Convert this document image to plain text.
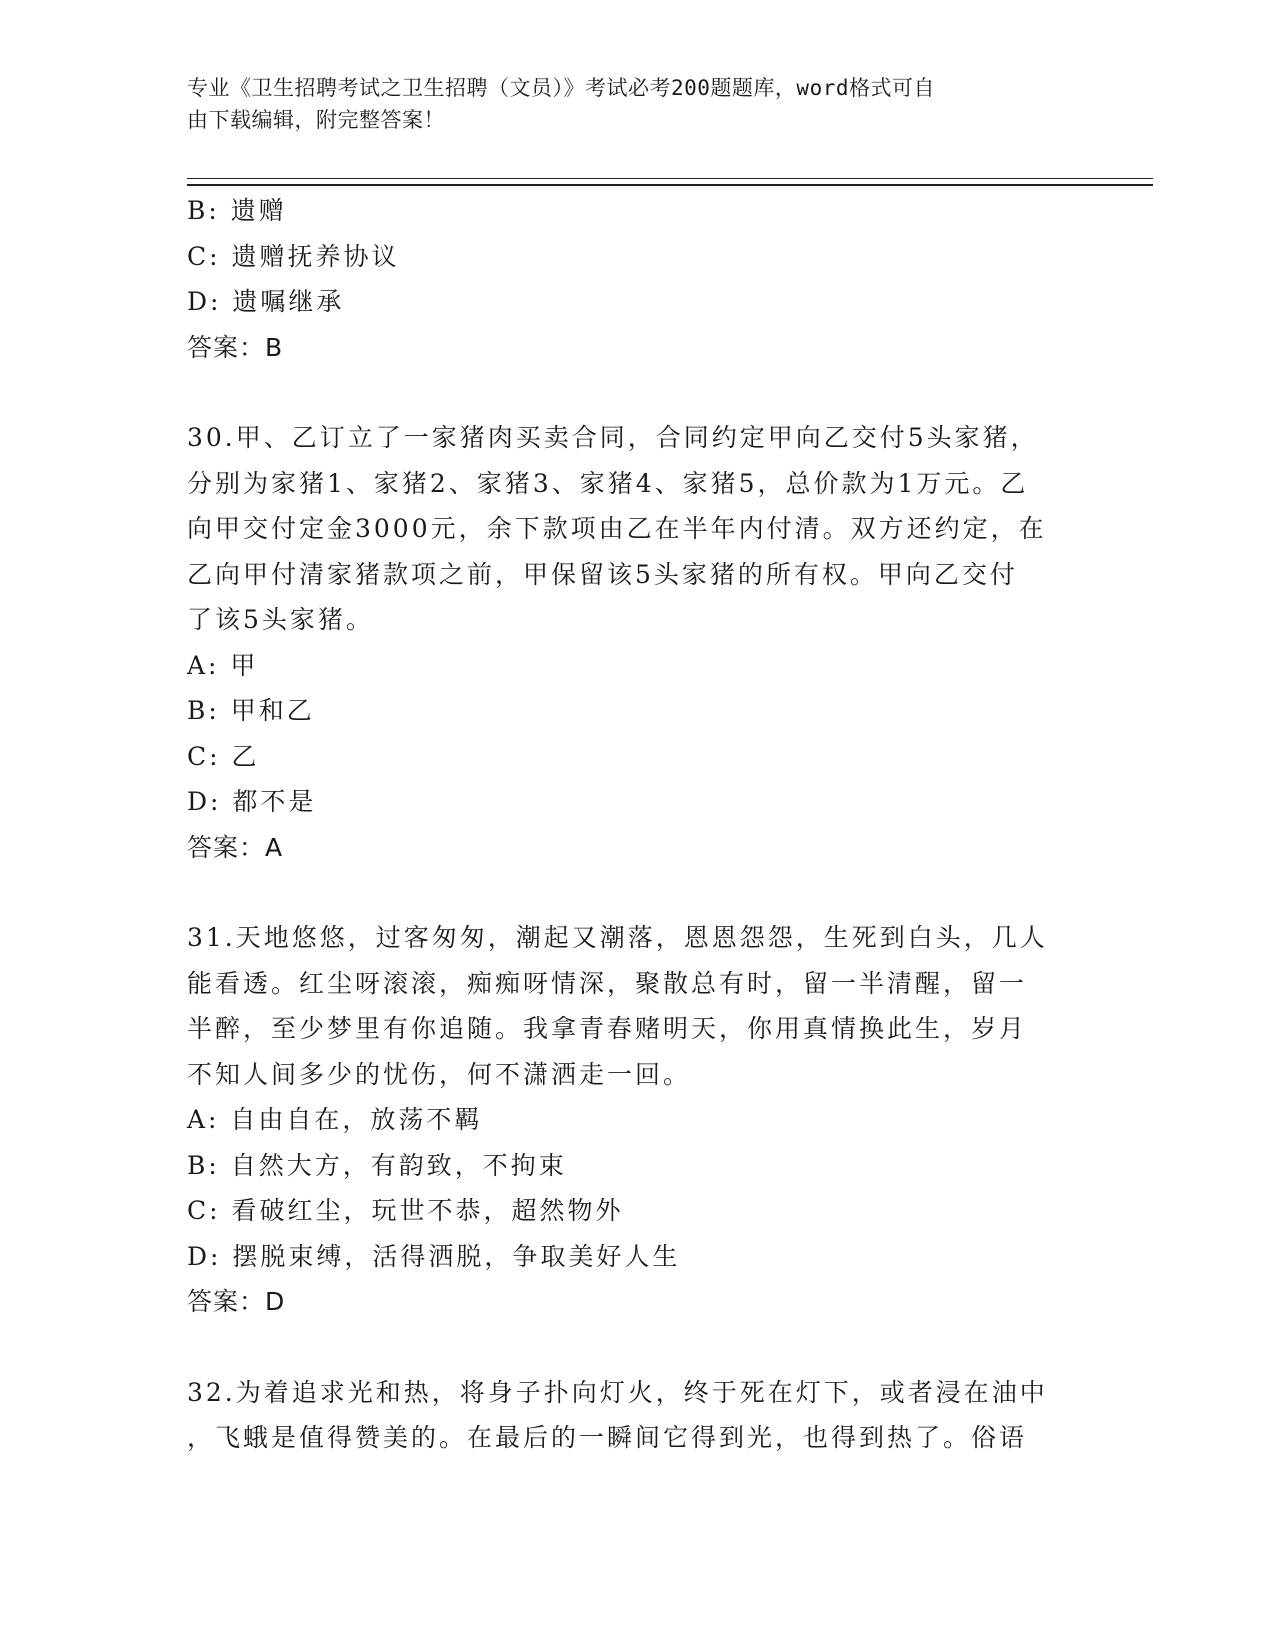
专业《卫生招聘考试之卫生招聘（文员）》考试必考200题题库，word格式可自
由下载编辑，附完整答案！
B: 遗赠
C: 遗赠抚养协议
D: 遗嘱继承
答案：B
30.甲、乙订立了一家猪肉买卖合同，合同约定甲向乙交付5头家猪，
分别为家猪1、家猪2、家猪3、家猪4、家猪5，总价款为1万元。乙
向甲交付定金3000元，余下款项由乙在半年内付清。双方还约定，在
乙向甲付清家猪款项之前，甲保留该5头家猪的所有权。甲向乙交付
了该5头家猪。
A: 甲
B: 甲和乙
C: 乙
D: 都不是
答案：A
31.天地悠悠，过客匆匆，潮起又潮落，恩恩怨怨，生死到白头，几人
能看透。红尘呀滚滚，痴痴呀情深，聚散总有时，留一半清醒，留一
半醉，至少梦里有你追随。我拿青春赌明天，你用真情换此生，岁月
不知人间多少的忧伤，何不潇洒走一回。
A: 自由自在，放荡不羁
B: 自然大方，有韵致，不拘束
C: 看破红尘，玩世不恭，超然物外
D: 摆脱束缚，活得洒脱，争取美好人生
答案：D
32.为着追求光和热，将身子扑向灯火，终于死在灯下，或者浸在油中
，飞蛾是值得赞美的。在最后的一瞬间它得到光，也得到热了。俗语
